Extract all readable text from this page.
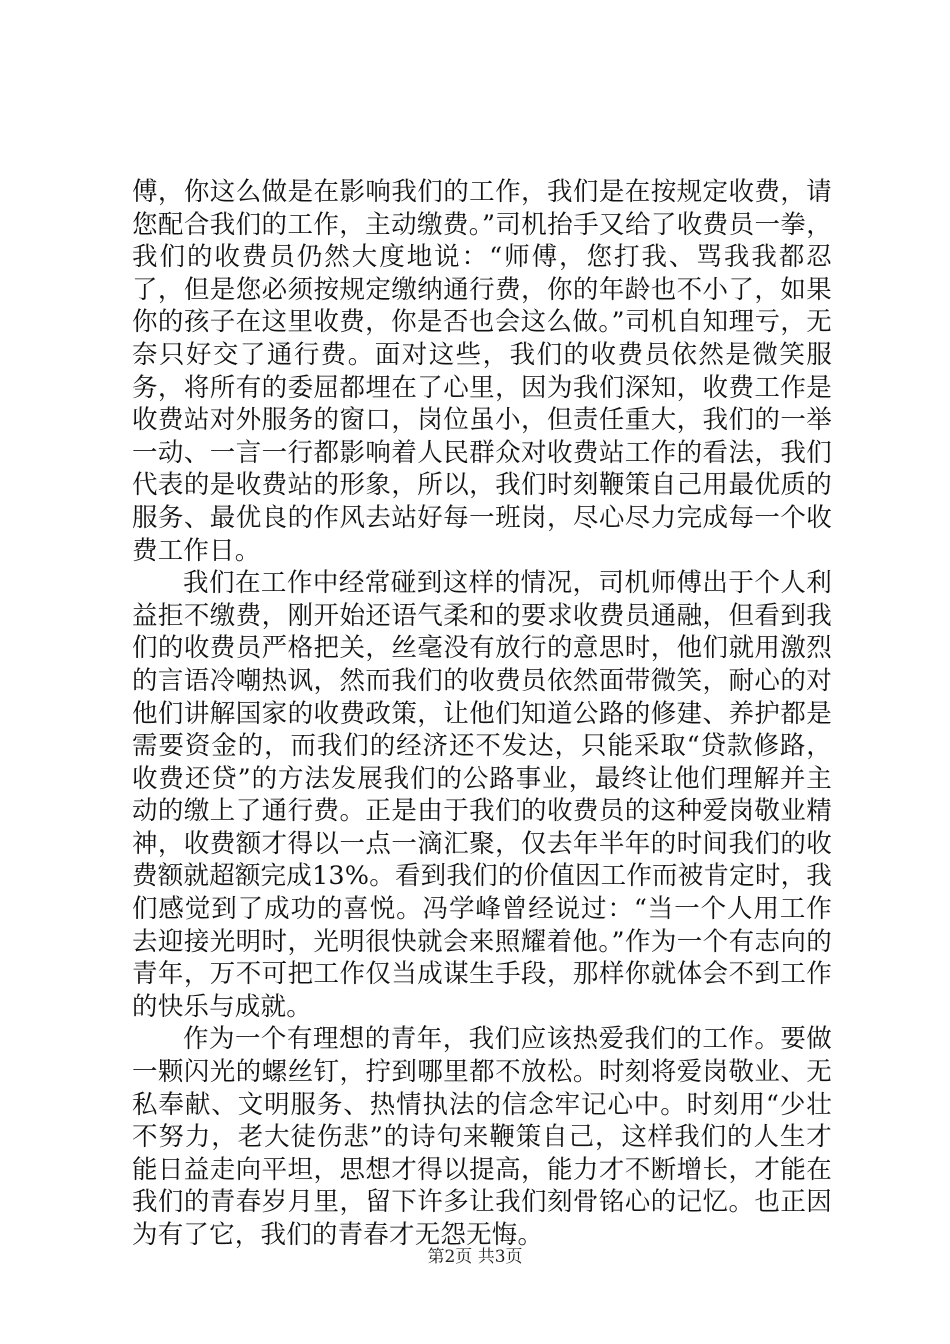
傅，你这么做是在影响我们的工作，我们是在按规定收费，请您配合我们的工作，主动缴费。”司机抬手又给了收费员一拳，我们的收费员仍然大度地说：“师傅，您打我、骂我我都忍了，但是您必须按规定缴纳通行费，你的年龄也不小了，如果你的孩子在这里收费，你是否也会这么做。”司机自知理亏，无奈只好交了通行费。面对这些，我们的收费员依然是微笑服务，将所有的委屈都埋在了心里，因为我们深知，收费工作是收费站对外服务的窗口，岗位虽小，但责任重大，我们的一举一动、一言一行都影响着人民群众对收费站工作的看法，我们代表的是收费站的形象，所以，我们时刻鞭策自己用最优质的服务、最优良的作风去站好每一班岗，尽心尽力完成每一个收费工作日。

我们在工作中经常碰到这样的情况，司机师傅出于个人利益拒不缴费，刚开始还语气柔和的要求收费员通融，但看到我们的收费员严格把关，丝毫没有放行的意思时，他们就用激烈的言语冷嘲热讽，然而我们的收费员依然面带微笑，耐心的对他们讲解国家的收费政策，让他们知道公路的修建、养护都是需要资金的，而我们的经济还不发达，只能采取“贷款修路，收费还贷”的方法发展我们的公路事业，最终让他们理解并主动的缴上了通行费。正是由于我们的收费员的这种爱岗敬业精神，收费额才得以一点一滴汇聚，仅去年半年的时间我们的收费额就超额完成13%。看到我们的价值因工作而被肯定时，我们感觉到了成功的喜悦。冯学峰曾经说过：“当一个人用工作去迎接光明时，光明很快就会来照耀着他。”作为一个有志向的青年，万不可把工作仅当成谋生手段，那样你就体会不到工作的快乐与成就。

作为一个有理想的青年，我们应该热爱我们的工作。要做一颗闪光的螺丝钉，拧到哪里都不放松。时刻将爱岗敬业、无私奉献、文明服务、热情执法的信念牢记心中。时刻用“少壮不努力，老大徒伤悲”的诗句来鞭策自己，这样我们的人生才能日益走向平坦，思想才得以提高，能力才不断增长，才能在我们的青春岁月里，留下许多让我们刻骨铭心的记忆。也正因为有了它，我们的青春才无怨无悔。

第2页 共3页
